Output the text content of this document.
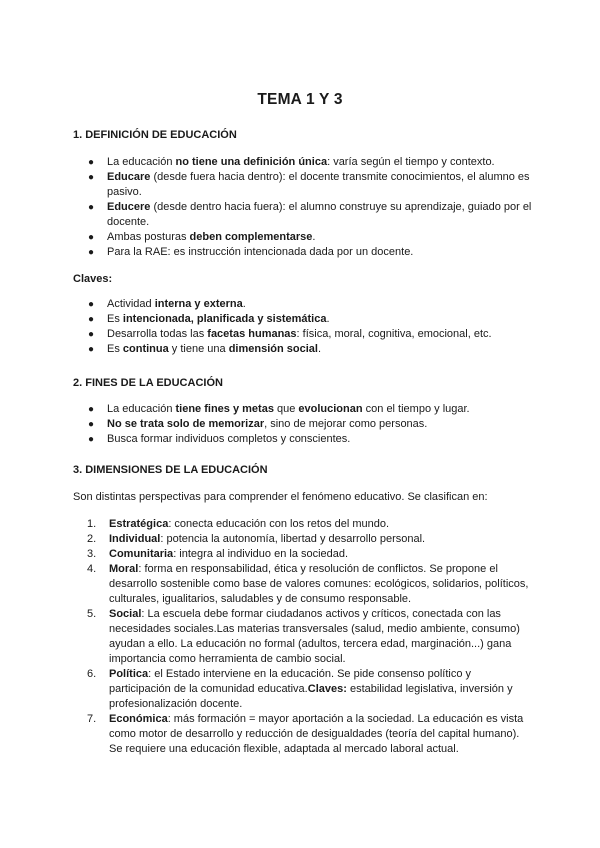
TEMA 1 Y 3
1. DEFINICIÓN DE EDUCACIÓN
● La educación no tiene una definición única: varía según el tiempo y contexto.
● Educare (desde fuera hacia dentro): el docente transmite conocimientos, el alumno es pasivo.
● Educere (desde dentro hacia fuera): el alumno construye su aprendizaje, guiado por el docente.
● Ambas posturas deben complementarse.
● Para la RAE: es instrucción intencionada dada por un docente.
Claves:
● Actividad interna y externa.
● Es intencionada, planificada y sistemática.
● Desarrolla todas las facetas humanas: física, moral, cognitiva, emocional, etc.
● Es continua y tiene una dimensión social.
2. FINES DE LA EDUCACIÓN
● La educación tiene fines y metas que evolucionan con el tiempo y lugar.
● No se trata solo de memorizar, sino de mejorar como personas.
● Busca formar individuos completos y conscientes.
3. DIMENSIONES DE LA EDUCACIÓN
Son distintas perspectivas para comprender el fenómeno educativo. Se clasifican en:
1. Estratégica: conecta educación con los retos del mundo.
2. Individual: potencia la autonomía, libertad y desarrollo personal.
3. Comunitaria: integra al individuo en la sociedad.
4. Moral: forma en responsabilidad, ética y resolución de conflictos. Se propone el desarrollo sostenible como base de valores comunes: ecológicos, solidarios, políticos, culturales, igualitarios, saludables y de consumo responsable.
5. Social: La escuela debe formar ciudadanos activos y críticos, conectada con las necesidades sociales.Las materias transversales (salud, medio ambiente, consumo) ayudan a ello. La educación no formal (adultos, tercera edad, marginación...) gana importancia como herramienta de cambio social.
6. Política: el Estado interviene en la educación. Se pide consenso político y participación de la comunidad educativa.Claves: estabilidad legislativa, inversión y profesionalización docente.
7. Económica: más formación = mayor aportación a la sociedad. La educación es vista como motor de desarrollo y reducción de desigualdades (teoría del capital humano). Se requiere una educación flexible, adaptada al mercado laboral actual.
